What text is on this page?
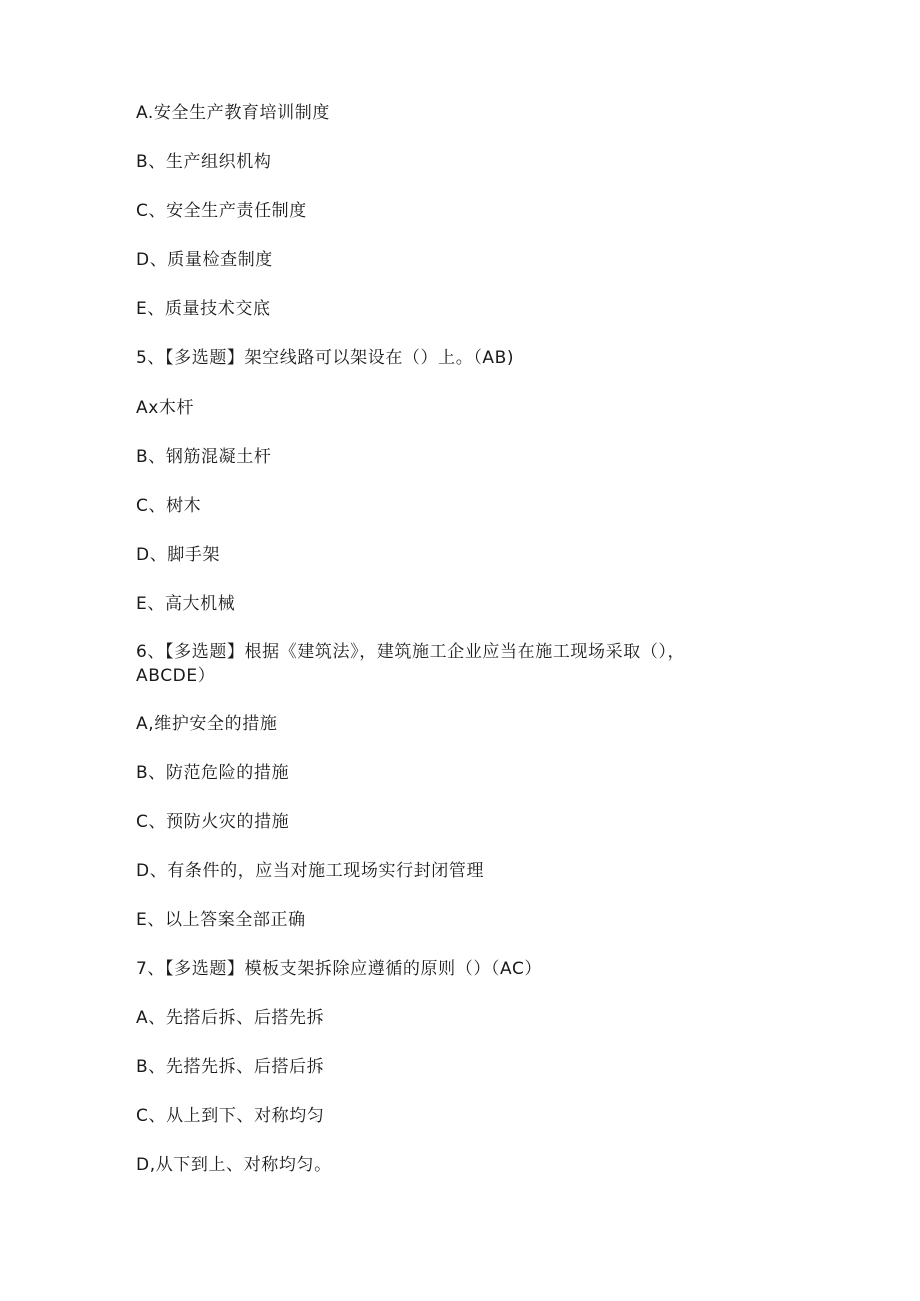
A.安全生产教育培训制度
B、生产组织机构
C、安全生产责任制度
D、质量检查制度
E、质量技术交底
5、【多选题】架空线路可以架设在（）上。（AB)
Ax木杆
B、钢筋混凝土杆
C、树木
D、脚手架
E、高大机械
6、【多选题】根据《建筑法》，建筑施工企业应当在施工现场采取（），
ABCDE）
A,维护安全的措施
B、防范危险的措施
C、预防火灾的措施
D、有条件的，应当对施工现场实行封闭管理
E、以上答案全部正确
7、【多选题】模板支架拆除应遵循的原则（）（AC）
A、先搭后拆、后搭先拆
B、先搭先拆、后搭后拆
C、从上到下、对称均匀
D,从下到上、对称均匀。
